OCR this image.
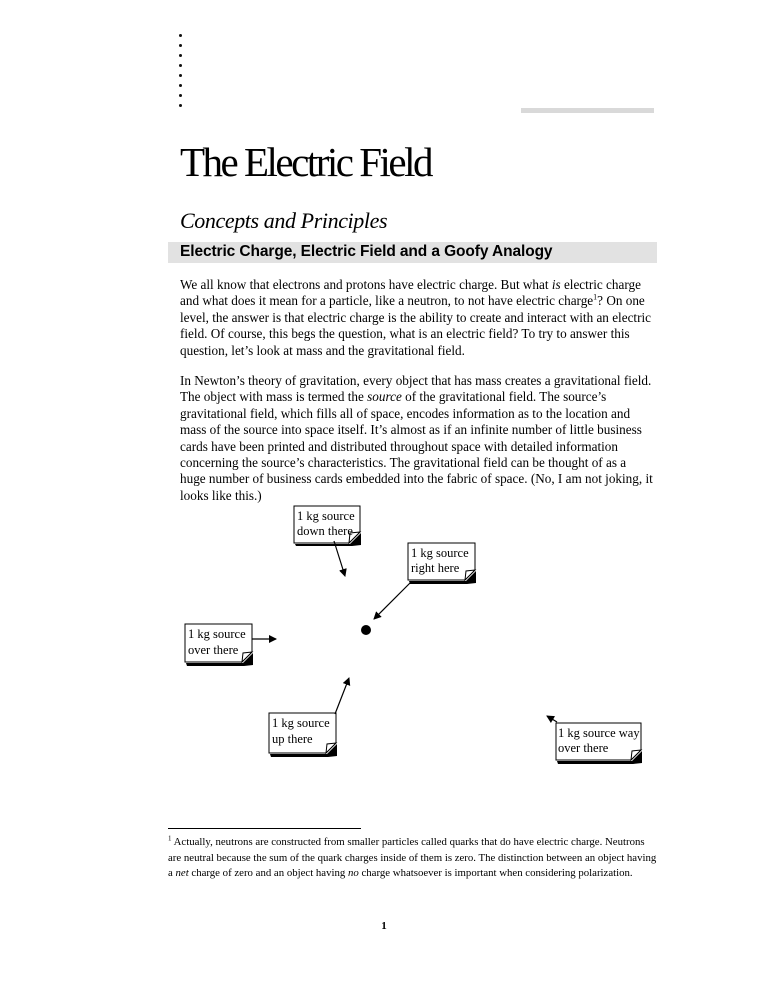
The Electric Field
Concepts and Principles
Electric Charge, Electric Field and a Goofy Analogy

We all know that electrons and protons have electric charge. But what is electric charge and what does it mean for a particle, like a neutron, to not have electric charge$^1$? On one level, the answer is that electric charge is the ability to create and interact with an electric field. Of course, this begs the question, what is an electric field? To try to answer this question, let’s look at mass and the gravitational field.

In Newton’s theory of gravitation, every object that has mass creates a gravitational field. The object with mass is termed the source of the gravitational field. The source’s gravitational field, which fills all of space, encodes information as to the location and mass of the source into space itself. It’s almost as if an infinite number of little business cards have been printed and distributed throughout space with detailed information concerning the source’s characteristics. The gravitational field can be thought of as a huge number of business cards embedded into the fabric of space. (No, I am not joking, it looks like this.)

1 kg source
down there
1 kg source
right here
1 kg source
over there
1 kg source
up there	1 kg source way
over there

$^1$ Actually, neutrons are constructed from smaller particles called quarks that do have electric charge. Neutrons are neutral because the sum of the quark charges inside of them is zero. The distinction between an object having a net charge of zero and an object having no charge whatsoever is important when considering polarization.

1
